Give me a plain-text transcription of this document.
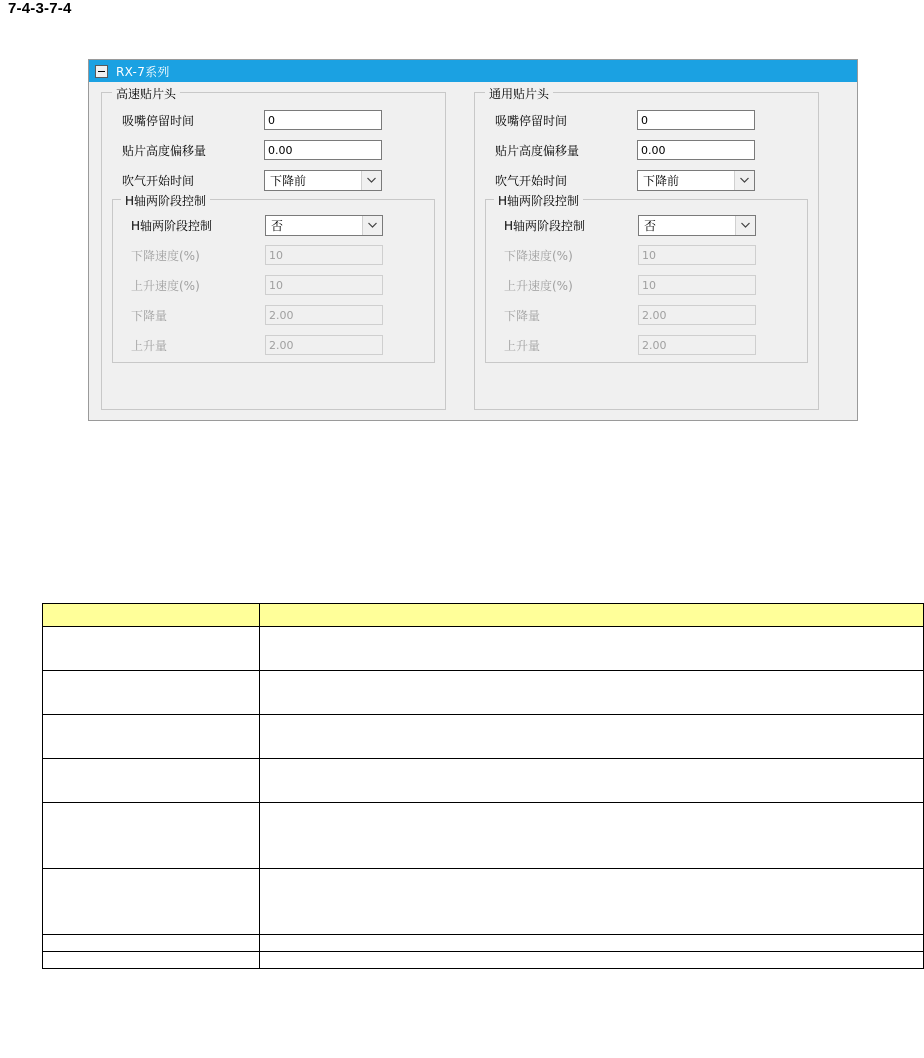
7-4-3-7-4
RX-7系列
高速贴片头
吸嘴停留时间	0
贴片高度偏移量	0.00
吹气开始时间	下降前
H轴两阶段控制
H轴两阶段控制	否
下降速度(%)	10
上升速度(%)	10
下降量	2.00
上升量	2.00
通用贴片头
吸嘴停留时间	0
贴片高度偏移量	0.00
吹气开始时间	下降前
H轴两阶段控制
H轴两阶段控制	否
下降速度(%)	10
上升速度(%)	10
下降量	2.00
上升量	2.00
